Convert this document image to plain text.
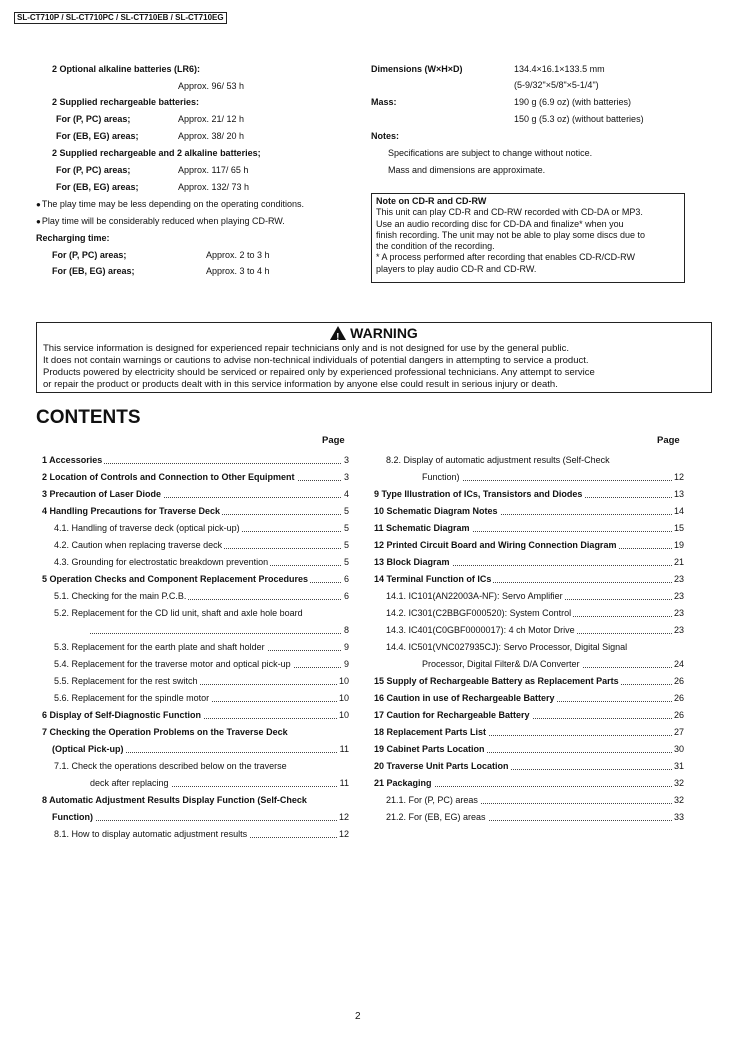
SL-CT710P / SL-CT710PC / SL-CT710EB / SL-CT710EG
2 Optional alkaline batteries (LR6):
Approx. 96/ 53 h
2 Supplied rechargeable batteries:
For (P, PC) areas;	Approx. 21/ 12 h
For (EB, EG) areas;	Approx. 38/ 20 h
2 Supplied rechargeable and 2 alkaline batteries;
For (P, PC) areas;	Approx. 117/ 65 h
For (EB, EG) areas;	Approx. 132/ 73 h
● The play time may be less depending on the operating conditions.
● Play time will be considerably reduced when playing CD-RW.
Recharging time:
For (P, PC) areas;	Approx. 2 to 3 h
For (EB, EG) areas;	Approx. 3 to 4 h
Dimensions (W×H×D)	134.4×16.1×133.5 mm
(5-9/32"×5/8"×5-1/4")
Mass:	190 g (6.9 oz) (with batteries)
150 g (5.3 oz) (without batteries)
Notes:
Specifications are subject to change without notice.
Mass and dimensions are approximate.
Note on CD-R and CD-RW
This unit can play CD-R and CD-RW recorded with CD-DA or MP3.
Use an audio recording disc for CD-DA and finalize* when you
finish recording. The unit may not be able to play some discs due to
the condition of the recording.
* A process performed after recording that enables CD-R/CD-RW
players to play audio CD-R and CD-RW.
!WARNING
This service information is designed for experienced repair technicians only and is not designed for use by the general public.
It does not contain warnings or cautions to advise non-technical individuals of potential dangers in attempting to service a product.
Products powered by electricity should be serviced or repaired only by experienced professional technicians. Any attempt to service
or repair the product or products dealt with in this service information by anyone else could result in serious injury or death.
CONTENTS
Page	Page
1 Accessories	3
2 Location of Controls and Connection to Other Equipment	3
3 Precaution of Laser Diode	4
4 Handling Precautions for Traverse Deck	5
4.1. Handling of traverse deck (optical pick-up)	5
4.2. Caution when replacing traverse deck	5
4.3. Grounding for electrostatic breakdown prevention	5
5 Operation Checks and Component Replacement Procedures	6
5.1. Checking for the main P.C.B.	6
5.2. Replacement for the CD lid unit, shaft and axle hole board
8
5.3. Replacement for the earth plate and shaft holder	9
5.4. Replacement for the traverse motor and optical pick-up	9
5.5. Replacement for the rest switch	10
5.6. Replacement for the spindle motor	10
6 Display of Self-Diagnostic Function	10
7 Checking the Operation Problems on the Traverse Deck
(Optical Pick-up)	11
7.1. Check the operations described below on the traverse
deck after replacing	11
8 Automatic Adjustment Results Display Function (Self-Check
Function)	12
8.1. How to display automatic adjustment results	12
8.2. Display of automatic adjustment results (Self-Check
Function)	12
9 Type Illustration of ICs, Transistors and Diodes	13
10 Schematic Diagram Notes	14
11 Schematic Diagram	15
12 Printed Circuit Board and Wiring Connection Diagram	19
13 Block Diagram	21
14 Terminal Function of ICs	23
14.1. IC101(AN22003A-NF): Servo Amplifier	23
14.2. IC301(C2BBGF000520): System Control	23
14.3. IC401(C0GBF0000017): 4 ch Motor Drive	23
14.4. IC501(VNC027935CJ): Servo Processor, Digital Signal
Processor, Digital Filter& D/A Converter	24
15 Supply of Rechargeable Battery as Replacement Parts	26
16 Caution in use of Rechargeable Battery	26
17 Caution for Rechargeable Battery	26
18 Replacement Parts List	27
19 Cabinet Parts Location	30
20 Traverse Unit Parts Location	31
21 Packaging	32
21.1. For (P, PC) areas	32
21.2. For (EB, EG) areas	33
2
